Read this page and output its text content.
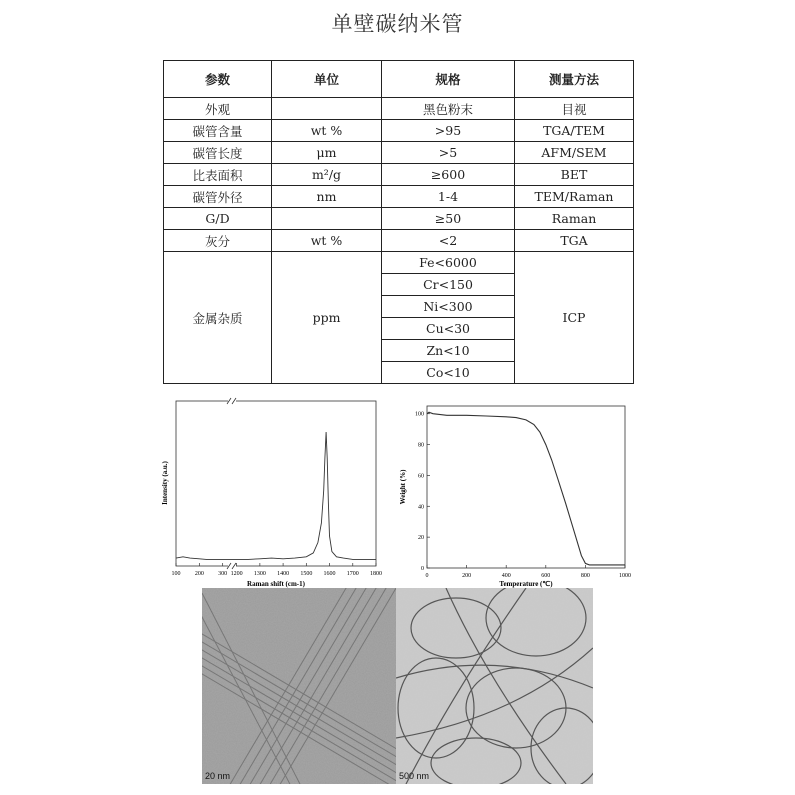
单壁碳纳米管
参数	单位	规格	测量方法
外观		黑色粉末	目视
碳管含量	wt %	>95	TGA/TEM
碳管长度	μm	>5	AFM/SEM
比表面积	m²/g	≥600	BET
碳管外径	nm	1-4	TEM/Raman
G/D		≥50	Raman
灰分	wt %	<2	TGA
金属杂质	ppm	Fe<6000	ICP
		Cr<150	
		Ni<300	
		Cu<30	
		Zn<10	
		Co<10	
100 200 300 1200 1300 1400 1500 1600 1700 1800
Raman shift (cm-1)
Intensity (a.u.)
0	200	400	600	800	1000
0
20
40
60
80
100
Temperature (℃)
Weight (%)
20 nm	500 nm
